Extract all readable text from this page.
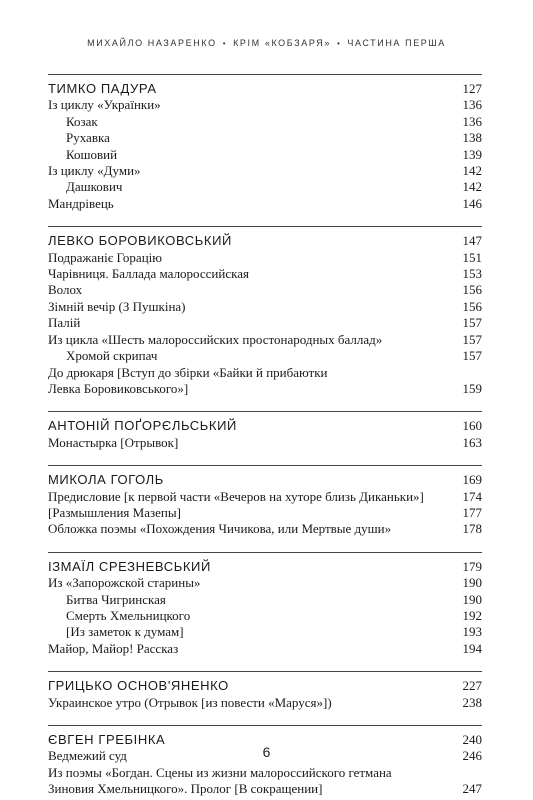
МИХАЙЛО НАЗАРЕНКО • КРІМ «КОБЗАРЯ» • ЧАСТИНА ПЕРША
ТИМКО ПАДУРА	127
Із циклу «Українки»	136
Козак	136
Рухавка	138
Кошовий	139
Із циклу «Думи»	142
Дашкович	142
Мандрівець	146
ЛЕВКО БОРОВИКОВСЬКИЙ	147
Подражаніє Горацію	151
Чарівниця. Баллада малороссийская	153
Волох	156
Зімній вечір (З Пушкіна)	156
Палій	157
Из цикла «Шесть малороссийских простонародных баллад»	157
Хромой скрипач	157
До дрюкаря [Вступ до збірки «Байки й прибаютки
Левка Боровиковського»]	159
АНТОНІЙ ПОҐОРЄЛЬСЬКИЙ	160
Монастырка [Отрывок]	163
МИКОЛА ГОГОЛЬ	169
Предисловие [к первой части «Вечеров на хуторе близь Диканьки»]	174
[Размышления Мазепы]	177
Обложка поэмы «Похождения Чичикова, или Мертвые души»	178
ІЗМАЇЛ СРЕЗНЕВСЬКИЙ	179
Из «Запорожской старины»	190
Битва Чигринская	190
Смерть Хмельницкого	192
[Из заметок к думам]	193
Майор, Майор! Рассказ	194
ГРИЦЬКО ОСНОВ'ЯНЕНКО	227
Украинское утро (Отрывок [из повести «Маруся»])	238
ЄВГЕН ГРЕБІНКА	240
Ведмежий суд	246
Из поэмы «Богдан. Сцены из жизни малороссийского гетмана
Зиновия Хмельницкого». Пролог [В сокращении]	247
6
